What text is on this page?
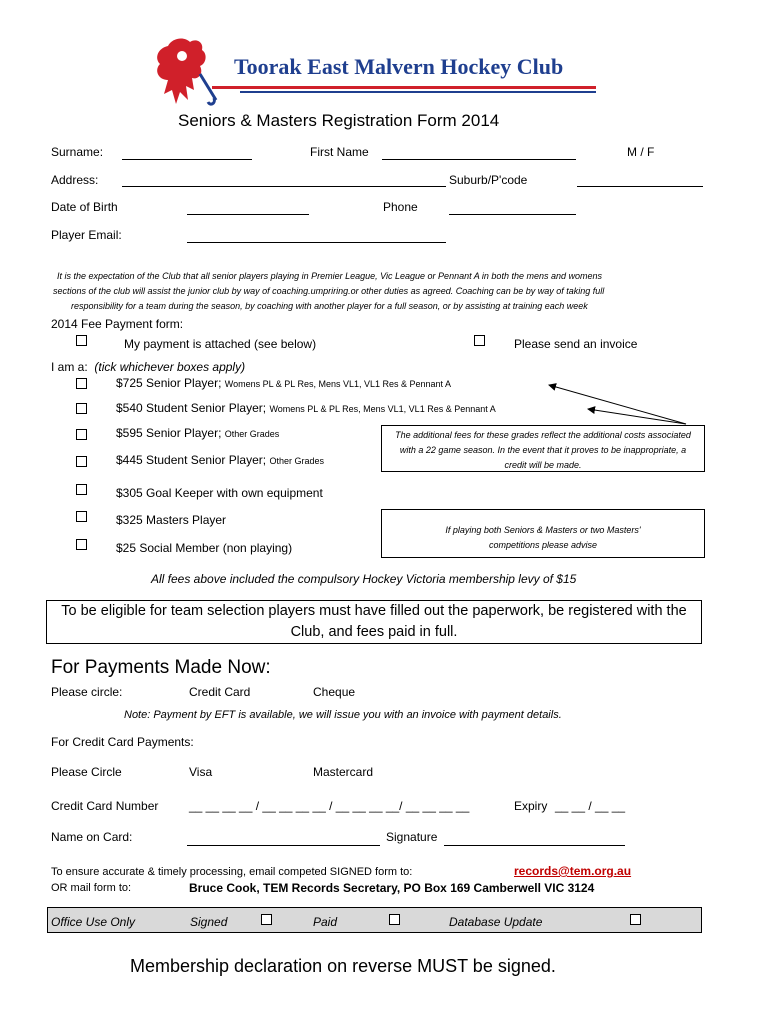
Toorak East Malvern Hockey Club
Seniors & Masters Registration Form 2014
Surname:	First Name	M / F
Address:	Suburb/P'code
Date of Birth	Phone
Player Email:
It is the expectation of the Club that all senior players playing in Premier League, Vic League or Pennant A in both the mens and womens
sections of the club will assist the junior club by way of coaching.umpriring.or other duties as agreed. Coaching can be by way of taking full
responsibility for a team during the season, by coaching with another player for a full season, or by assisting at training each week
2014 Fee Payment form:
My payment is attached (see below)	Please send an invoice
I am a: (tick whichever boxes apply)
$725 Senior Player; Womens PL & PL Res, Mens VL1, VL1 Res & Pennant A
$540 Student Senior Player; Womens PL & PL Res, Mens VL1, VL1 Res & Pennant A
$595 Senior Player; Other Grades
$445 Student Senior Player; Other Grades
$305 Goal Keeper with own equipment
$325 Masters Player
$25 Social Member (non playing)
The additional fees for these grades reflect the additional costs associated with a 22 game season. In the event that it proves to be inappropriate, a credit will be made.
If playing both Seniors & Masters or two Masters' competitions please advise
All fees above included the compulsory Hockey Victoria membership levy of $15
To be eligible for team selection players must have filled out the paperwork, be registered with the Club, and fees paid in full.
For Payments Made Now:
Please circle:	Credit Card	Cheque
Note: Payment by EFT is available, we will issue you with an invoice with payment details.
For Credit Card Payments:
Please Circle	Visa	Mastercard
Credit Card Number	__ __ __ __ / __ __ __ __ / __ __ __ __/ __ __ __ __	Expiry __ __ / __ __
Name on Card:	Signature
To ensure accurate & timely processing, email competed SIGNED form to:	records@tem.org.au
OR mail form to:	Bruce Cook, TEM Records Secretary, PO Box 169 Camberwell VIC 3124
Office Use Only	Signed	Paid	Database Update
Membership declaration on reverse MUST be signed.
